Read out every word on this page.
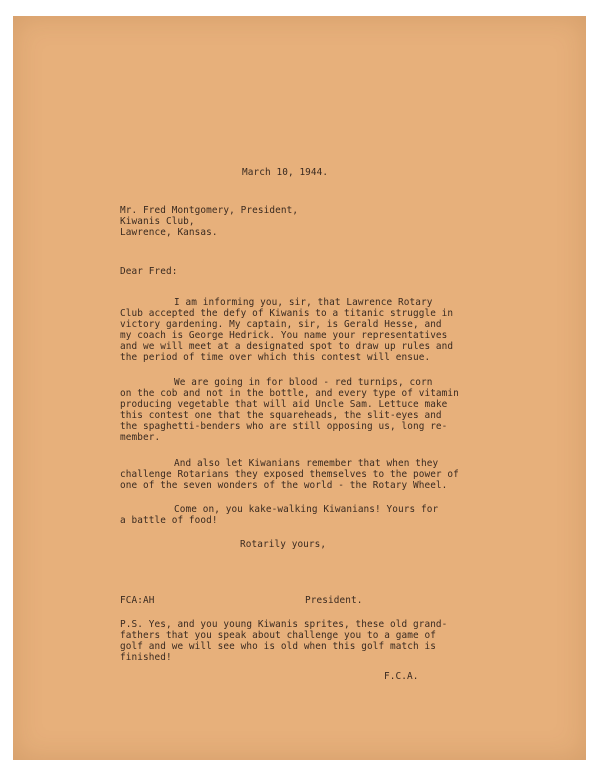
March 10, 1944.
Mr. Fred Montgomery, President,
Kiwanis Club,
Lawrence, Kansas.
Dear Fred:
I am informing you, sir, that Lawrence Rotary
Club accepted the defy of Kiwanis to a titanic struggle in
victory gardening. My captain, sir, is Gerald Hesse, and
my coach is George Hedrick. You name your representatives
and we will meet at a designated spot to draw up rules and
the period of time over which this contest will ensue.
We are going in for blood - red turnips, corn
on the cob and not in the bottle, and every type of vitamin
producing vegetable that will aid Uncle Sam. Lettuce make
this contest one that the squareheads, the slit-eyes and
the spaghetti-benders who are still opposing us, long re-
member.
And also let Kiwanians remember that when they
challenge Rotarians they exposed themselves to the power of
one of the seven wonders of the world - the Rotary Wheel.
Come on, you kake-walking Kiwanians! Yours for
a battle of food!
Rotarily yours,
FCA:AH	President.
P.S. Yes, and you young Kiwanis sprites, these old grand-
fathers that you speak about challenge you to a game of
golf and we will see who is old when this golf match is
finished!
F.C.A.
